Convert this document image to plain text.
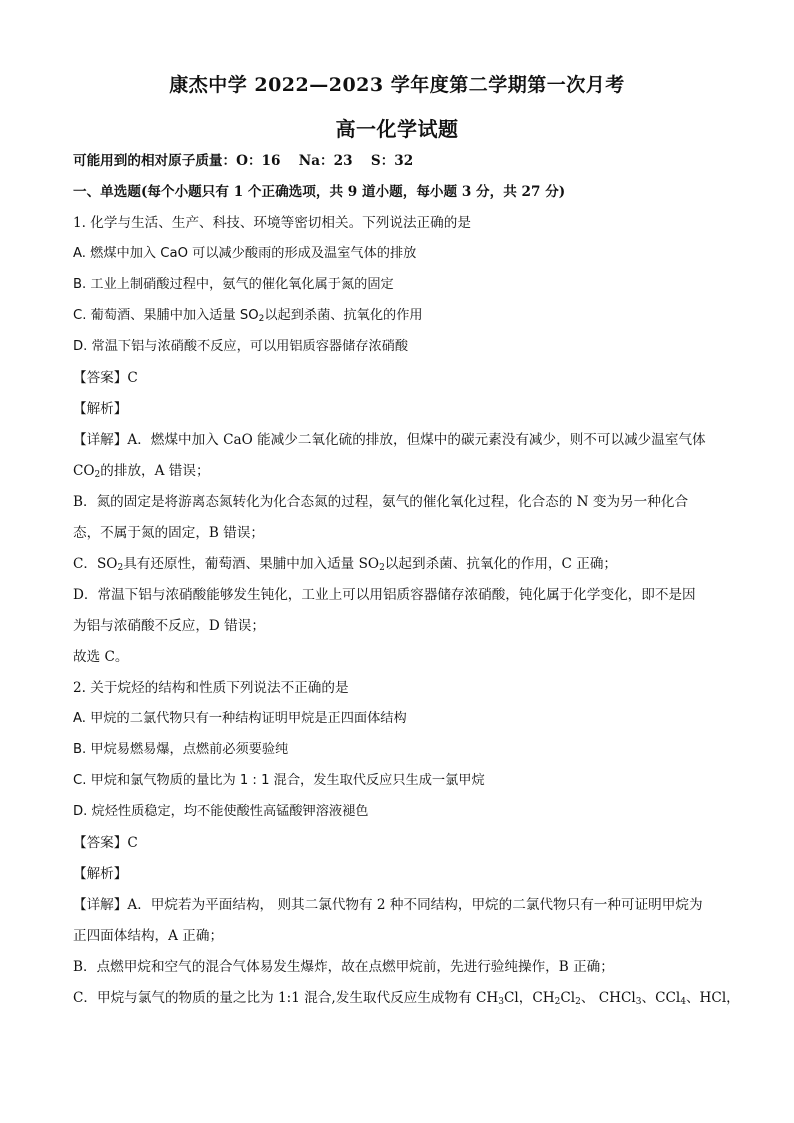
康杰中学 2022—2023 学年度第二学期第一次月考
高一化学试题
可能用到的相对原子质量：O：16　 Na：23　 S：32
一、单选题(每个小题只有 1 个正确选项，共 9 道小题，每小题 3 分，共 27 分)
1. 化学与生活、生产、科技、环境等密切相关。下列说法正确的是
A. 燃煤中加入 CaO 可以减少酸雨的形成及温室气体的排放
B. 工业上制硝酸过程中，氨气的催化氧化属于氮的固定
C. 葡萄酒、果脯中加入适量 $SO_2$以起到杀菌、抗氧化的作用
D. 常温下铝与浓硝酸不反应，可以用铝质容器储存浓硝酸
【答案】C
【解析】
【详解】A．燃煤中加入 CaO 能减少二氧化硫的排放，但煤中的碳元素没有减少，则不可以减少温室气体
$CO_2$的排放，A 错误；
B．氮的固定是将游离态氮转化为化合态氮的过程，氨气的催化氧化过程，化合态的 N 变为另一种化合
态，不属于氮的固定，B 错误；
C．$SO_2$具有还原性，葡萄酒、果脯中加入适量 $SO_2$以起到杀菌、抗氧化的作用，C 正确；
D．常温下铝与浓硝酸能够发生钝化，工业上可以用铝质容器储存浓硝酸，钝化属于化学变化，即不是因
为铝与浓硝酸不反应，D 错误；
故选 C。
2. 关于烷烃的结构和性质下列说法不正确的是
A. 甲烷的二氯代物只有一种结构证明甲烷是正四面体结构
B. 甲烷易燃易爆，点燃前必须要验纯
C. 甲烷和氯气物质的量比为 1 : 1 混合，发生取代反应只生成一氯甲烷
D. 烷烃性质稳定，均不能使酸性高锰酸钾溶液褪色
【答案】C
【解析】
【详解】A．甲烷若为平面结构， 则其二氯代物有 2 种不同结构，甲烷的二氯代物只有一种可证明甲烷为
正四面体结构，A 正确；
B．点燃甲烷和空气的混合气体易发生爆炸，故在点燃甲烷前，先进行验纯操作，B 正确；
C．甲烷与氯气的物质的量之比为 1:1 混合,发生取代反应生成物有 $CH_3Cl$，$CH_2Cl_2$、 CHCl$_3$、CCl$_4$、HCl，
